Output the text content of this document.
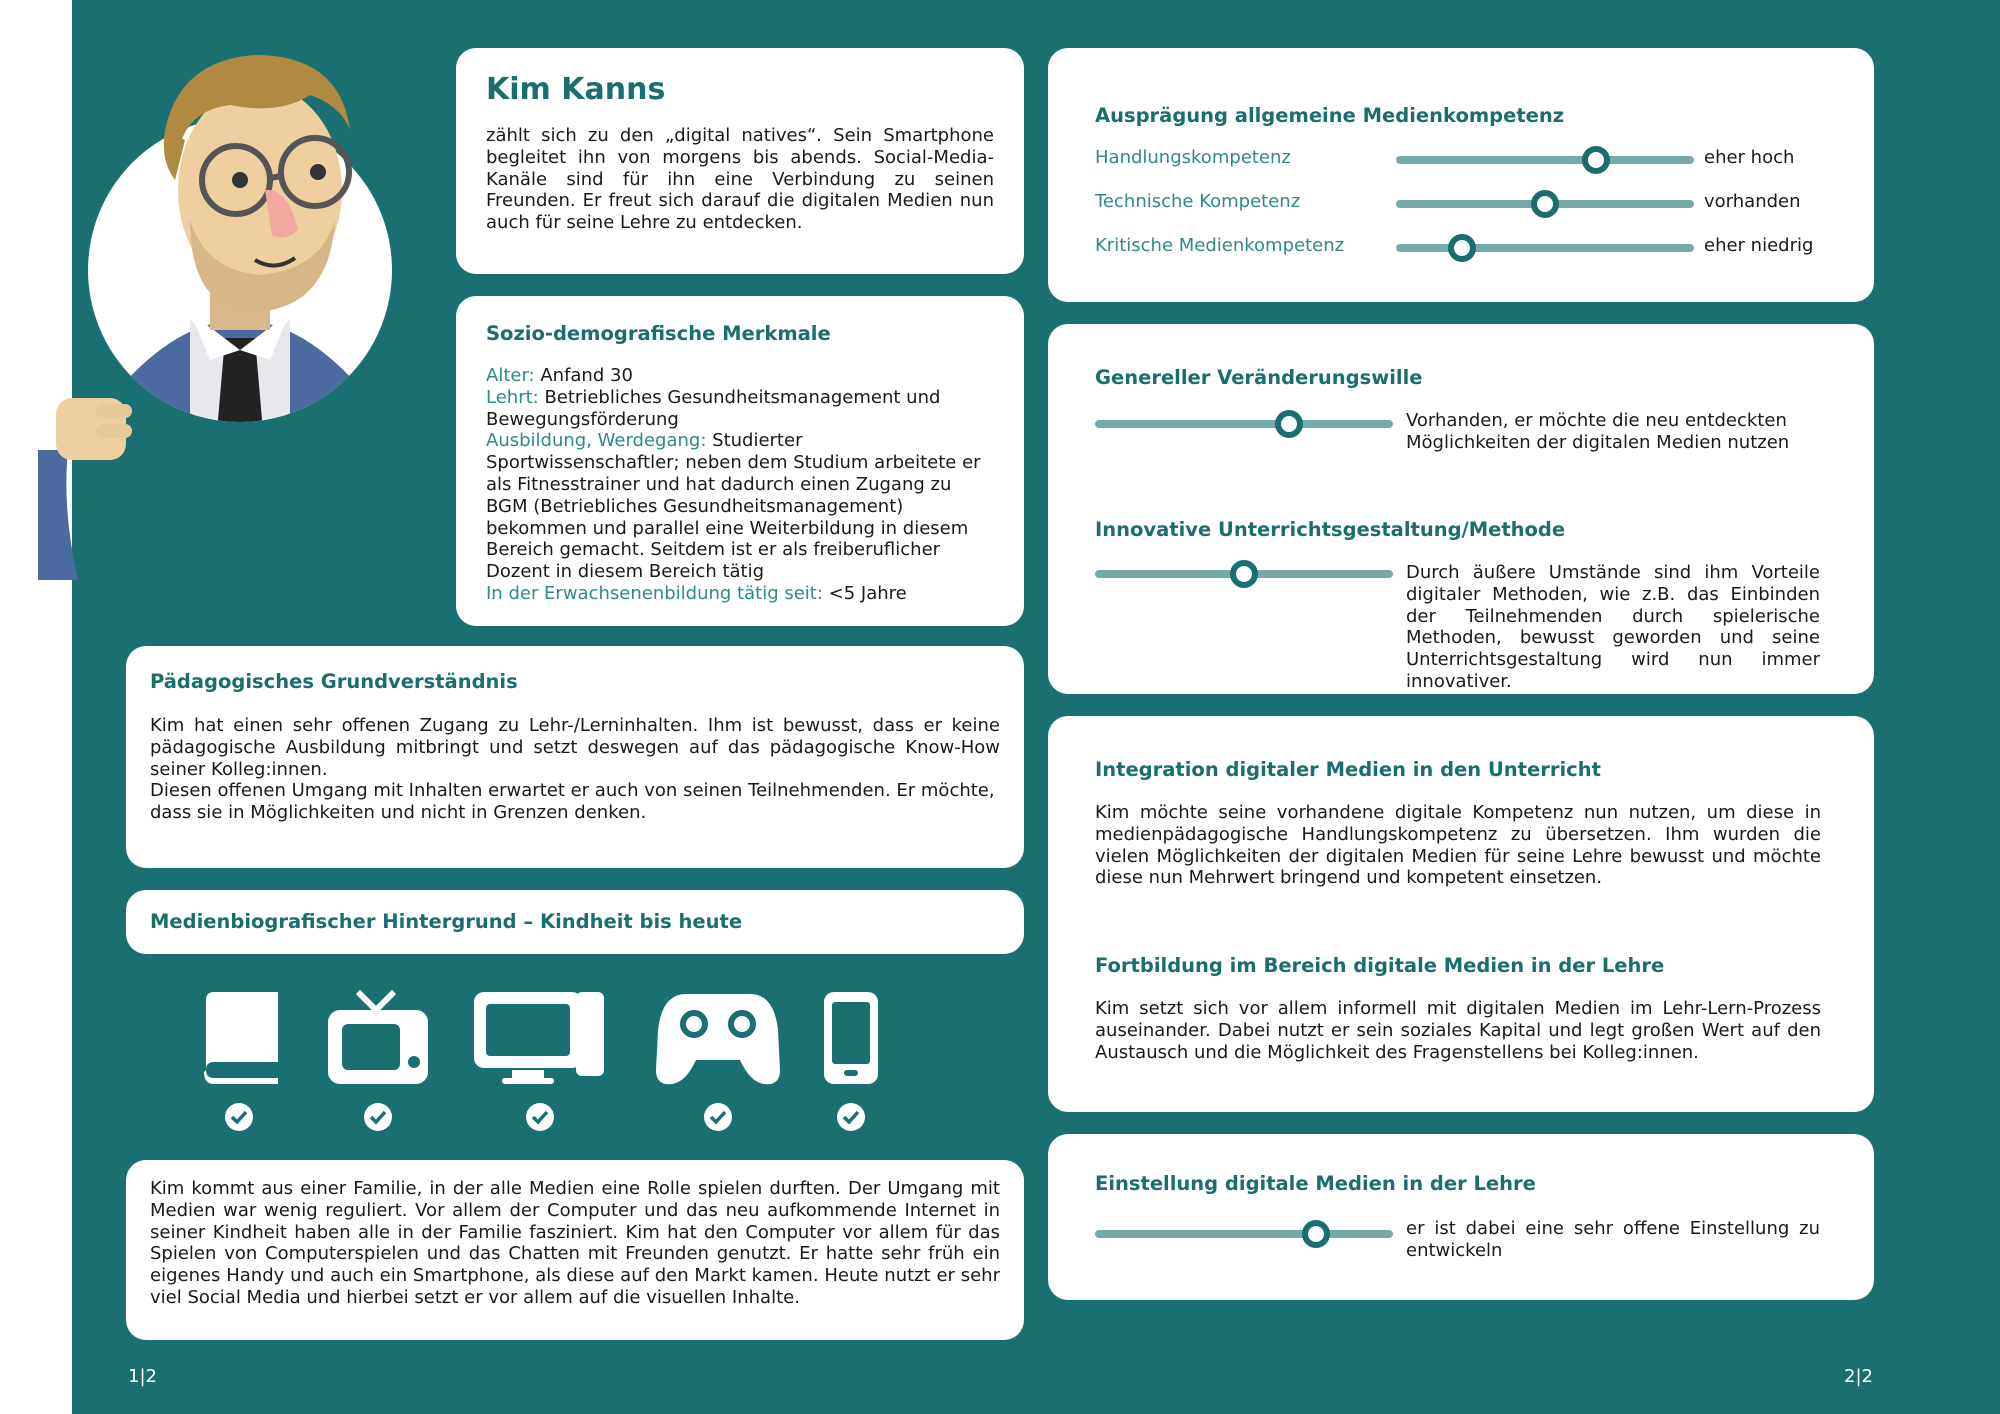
Kim Kanns

zählt sich zu den „digital natives“. Sein Smartphone begleitet ihn von morgens bis abends. Social-Media-Kanäle sind für ihn eine Verbindung zu seinen Freunden. Er freut sich darauf die digitalen Medien nun auch für seine Lehre zu entdecken.

Sozio-demografische Merkmale

Alter: Anfand 30
Lehrt: Betriebliches Gesundheitsmanagement und Bewegungsförderung
Ausbildung, Werdegang: Studierter Sportwissenschaftler; neben dem Studium arbeitete er als Fitnesstrainer und hat dadurch einen Zugang zu BGM (Betriebliches Gesundheitsmanagement) bekommen und parallel eine Weiterbildung in diesem Bereich gemacht. Seitdem ist er als freiberuflicher Dozent in diesem Bereich tätig
In der Erwachsenenbildung tätig seit: <5 Jahre

Pädagogisches Grundverständnis

Kim hat einen sehr offenen Zugang zu Lehr-/Lerninhalten. Ihm ist bewusst, dass er keine pädagogische Ausbildung mitbringt und setzt deswegen auf das pädagogische Know-How seiner Kolleg:innen.

Diesen offenen Umgang mit Inhalten erwartet er auch von seinen Teilnehmenden. Er möchte, dass sie in Möglichkeiten und nicht in Grenzen denken.

Medienbiografischer Hintergrund – Kindheit bis heute

Kim kommt aus einer Familie, in der alle Medien eine Rolle spielen durften. Der Umgang mit Medien war wenig reguliert. Vor allem der Computer und das neu aufkommende Internet in seiner Kindheit haben alle in der Familie fasziniert. Kim hat den Computer vor allem für das Spielen von Computerspielen und das Chatten mit Freunden genutzt. Er hatte sehr früh ein eigenes Handy und auch ein Smartphone, als diese auf den Markt kamen. Heute nutzt er sehr viel Social Media und hierbei setzt er vor allem auf die visuellen Inhalte.

1|2
Ausprägung allgemeine Medienkompetenz
Handlungskompetenz	eher hoch
Technische Kompetenz	vorhanden
Kritische Medienkompetenz	eher niedrig
Genereller Veränderungswille

Vorhanden, er möchte die neu entdeckten Möglichkeiten der digitalen Medien nutzen

Innovative Unterrichtsgestaltung/Methode

Durch äußere Umstände sind ihm Vorteile digitaler Methoden, wie z.B. das Einbinden der Teilnehmenden durch spielerische Methoden, bewusst geworden und seine Unterrichtsgestaltung wird nun immer innovativer.

Integration digitaler Medien in den Unterricht

Kim möchte seine vorhandene digitale Kompetenz nun nutzen, um diese in medienpädagogische Handlungskompetenz zu übersetzen. Ihm wurden die vielen Möglichkeiten der digitalen Medien für seine Lehre bewusst und möchte diese nun Mehrwert bringend und kompetent einsetzen.

Fortbildung im Bereich digitale Medien in der Lehre

Kim setzt sich vor allem informell mit digitalen Medien im Lehr-Lern-Prozess auseinander. Dabei nutzt er sein soziales Kapital und legt großen Wert auf den Austausch und die Möglichkeit des Fragenstellens bei Kolleg:innen.

Einstellung digitale Medien in der Lehre

er ist dabei eine sehr offene Einstellung zu entwickeln

2|2
